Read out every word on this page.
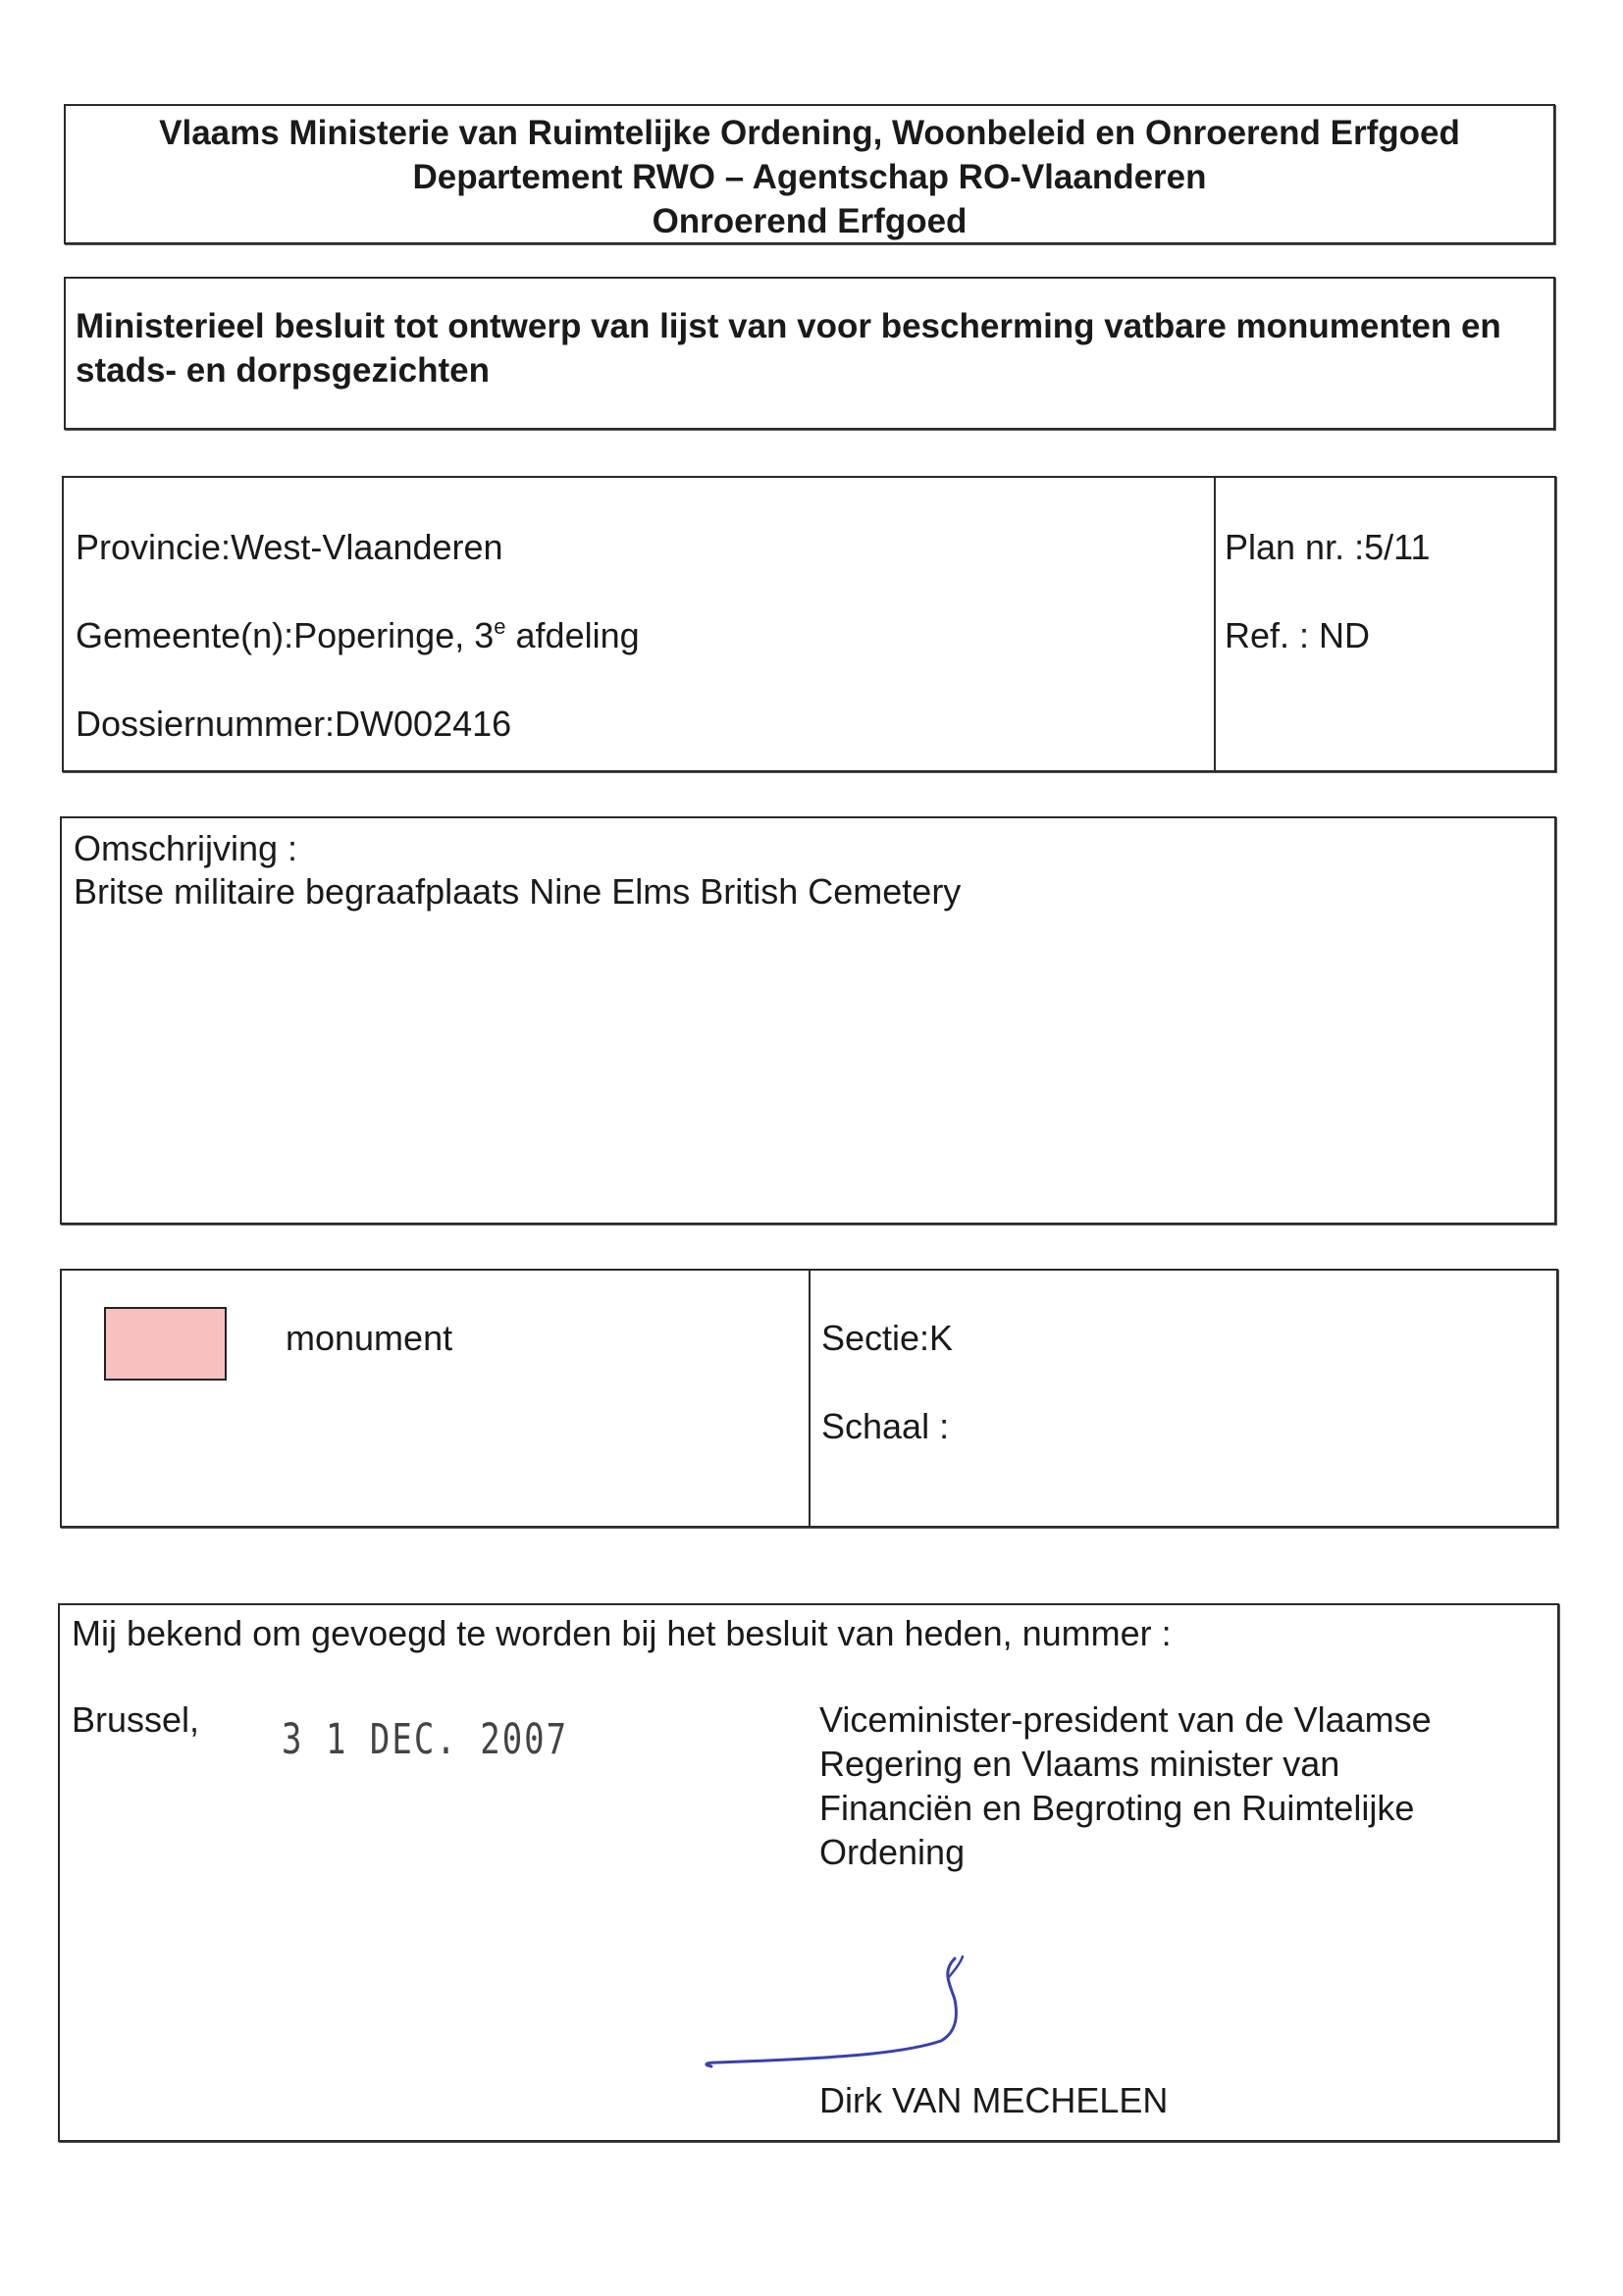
Vlaams Ministerie van Ruimtelijke Ordening, Woonbeleid en Onroerend Erfgoed
Departement RWO – Agentschap RO-Vlaanderen
Onroerend Erfgoed
Ministerieel besluit tot ontwerp van lijst van voor bescherming vatbare monumenten en stads- en dorpsgezichten
Provincie:West-Vlaanderen
Gemeente(n):Poperinge, 3e afdeling
Dossiernummer:DW002416
Plan nr. :5/11
Ref. : ND
Omschrijving :
Britse militaire begraafplaats Nine Elms British Cemetery
monument	Sectie:K
Schaal :
Mij bekend om gevoegd te worden bij het besluit van heden, nummer :
Brussel, 3 1 DEC. 2007	Viceminister-president van de Vlaamse
Regering en Vlaams minister van
Financiën en Begroting en Ruimtelijke
Ordening
Dirk VAN MECHELEN
